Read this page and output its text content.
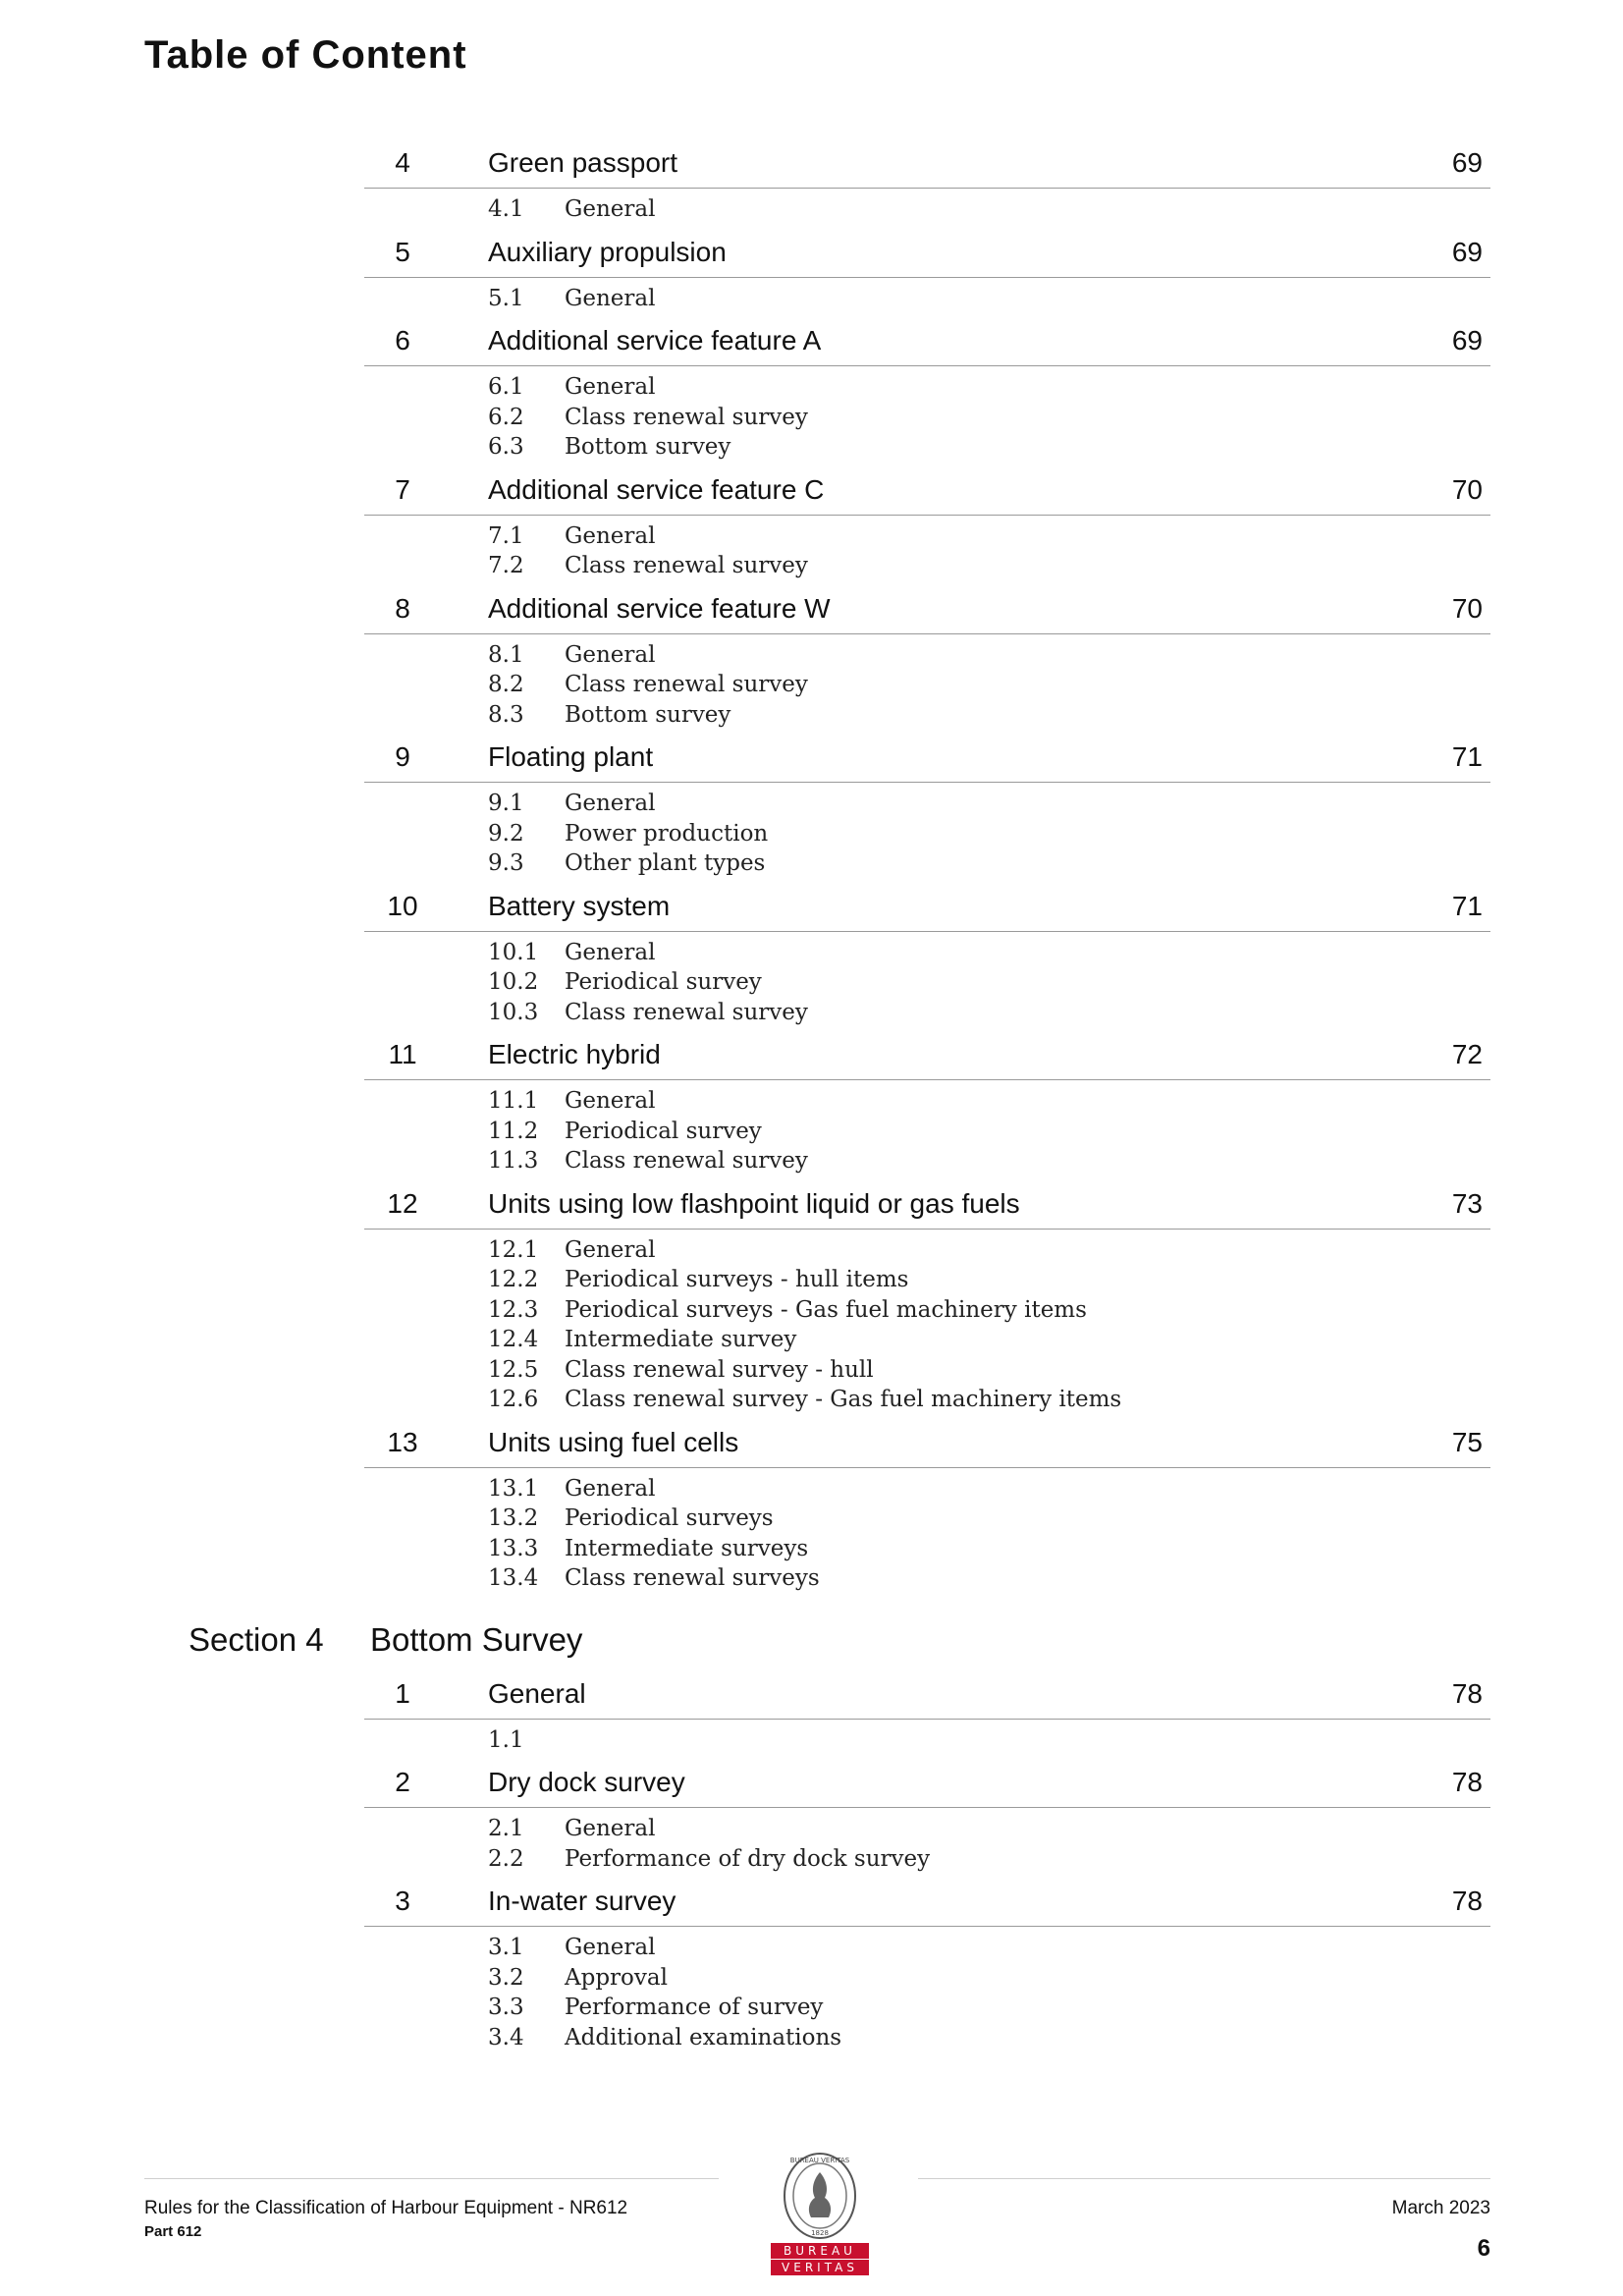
Table of Content
4	Green passport	69
4.1 General
5	Auxiliary propulsion	69
5.1 General
6	Additional service feature A	69
6.1 General
6.2 Class renewal survey
6.3 Bottom survey
7	Additional service feature C	70
7.1 General
7.2 Class renewal survey
8	Additional service feature W	70
8.1 General
8.2 Class renewal survey
8.3 Bottom survey
9	Floating plant	71
9.1 General
9.2 Power production
9.3 Other plant types
10	Battery system	71
10.1 General
10.2 Periodical survey
10.3 Class renewal survey
11	Electric hybrid	72
11.1 General
11.2 Periodical survey
11.3 Class renewal survey
12	Units using low flashpoint liquid or gas fuels	73
12.1 General
12.2 Periodical surveys - hull items
12.3 Periodical surveys - Gas fuel machinery items
12.4 Intermediate survey
12.5 Class renewal survey - hull
12.6 Class renewal survey - Gas fuel machinery items
13	Units using fuel cells	75
13.1 General
13.2 Periodical surveys
13.3 Intermediate surveys
13.4 Class renewal surveys
Section 4 Bottom Survey
1	General	78
1.1
2	Dry dock survey	78
2.1 General
2.2 Performance of dry dock survey
3	In-water survey	78
3.1 General
3.2 Approval
3.3 Performance of survey
3.4 Additional examinations
Rules for the Classification of Harbour Equipment - NR612
Part 612
March 2023
6
BUREAU VERITAS
1828
BUREAU
VERITAS
